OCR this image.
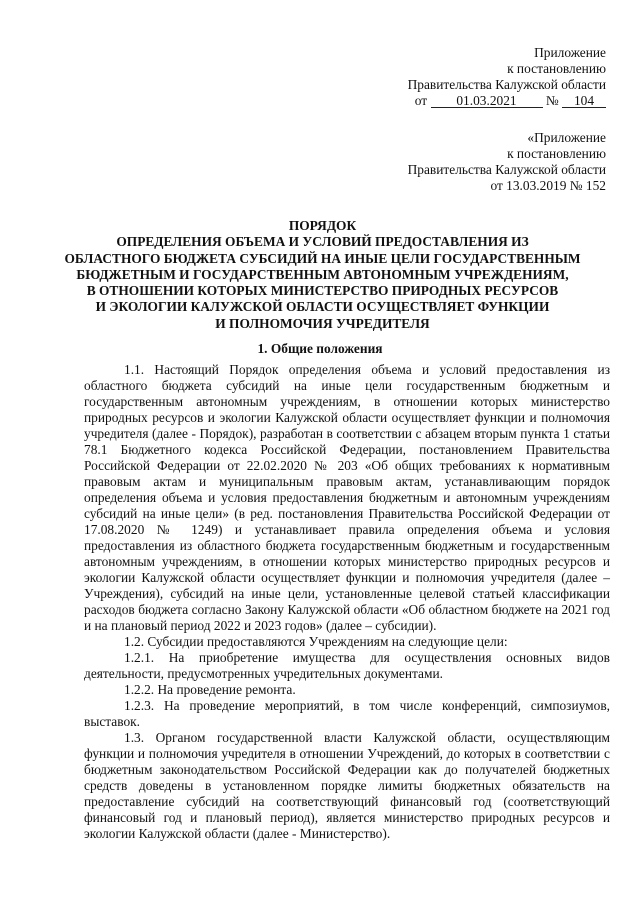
Приложение
к постановлению
Правительства Калужской области
от 01.03.2021 № 104
«Приложение
к постановлению
Правительства Калужской области
от 13.03.2019 № 152
ПОРЯДОК
ОПРЕДЕЛЕНИЯ ОБЪЕМА И УСЛОВИЙ ПРЕДОСТАВЛЕНИЯ ИЗ
ОБЛАСТНОГО БЮДЖЕТА СУБСИДИЙ НА ИНЫЕ ЦЕЛИ ГОСУДАРСТВЕННЫМ
БЮДЖЕТНЫМ И ГОСУДАРСТВЕННЫМ АВТОНОМНЫМ УЧРЕЖДЕНИЯМ,
В ОТНОШЕНИИ КОТОРЫХ МИНИСТЕРСТВО ПРИРОДНЫХ РЕСУРСОВ
И ЭКОЛОГИИ КАЛУЖСКОЙ ОБЛАСТИ ОСУЩЕСТВЛЯЕТ ФУНКЦИИ
И ПОЛНОМОЧИЯ УЧРЕДИТЕЛЯ
1. Общие положения

1.1. Настоящий Порядок определения объема и условий предоставления из областного бюджета субсидий на иные цели государственным бюджетным и государственным автономным учреждениям, в отношении которых министерство природных ресурсов и экологии Калужской области осуществляет функции и полномочия учредителя (далее - Порядок), разработан в соответствии с абзацем вторым пункта 1 статьи 78.1 Бюджетного кодекса Российской Федерации, постановлением Правительства Российской Федерации от 22.02.2020 № 203 «Об общих требованиях к нормативным правовым актам и муниципальным правовым актам, устанавливающим порядок определения объема и условия предоставления бюджетным и автономным учреждениям субсидий на иные цели» (в ред. постановления Правительства Российской Федерации от 17.08.2020 № 1249) и устанавливает правила определения объема и условия предоставления из областного бюджета государственным бюджетным и государственным автономным учреждениям, в отношении которых министерство природных ресурсов и экологии Калужской области осуществляет функции и полномочия учредителя (далее – Учреждения), субсидий на иные цели, установленные целевой статьей классификации расходов бюджета согласно Закону Калужской области «Об областном бюджете на 2021 год и на плановый период 2022 и 2023 годов» (далее – субсидии).

1.2. Субсидии предоставляются Учреждениям на следующие цели:

1.2.1. На приобретение имущества для осуществления основных видов деятельности, предусмотренных учредительных документами.

1.2.2. На проведение ремонта.

1.2.3. На проведение мероприятий, в том числе конференций, симпозиумов, выставок.

1.3. Органом государственной власти Калужской области, осуществляющим функции и полномочия учредителя в отношении Учреждений, до которых в соответствии с бюджетным законодательством Российской Федерации как до получателей бюджетных средств доведены в установленном порядке лимиты бюджетных обязательств на предоставление субсидий на соответствующий финансовый год (соответствующий финансовый год и плановый период), является министерство природных ресурсов и экологии Калужской области (далее - Министерство).
